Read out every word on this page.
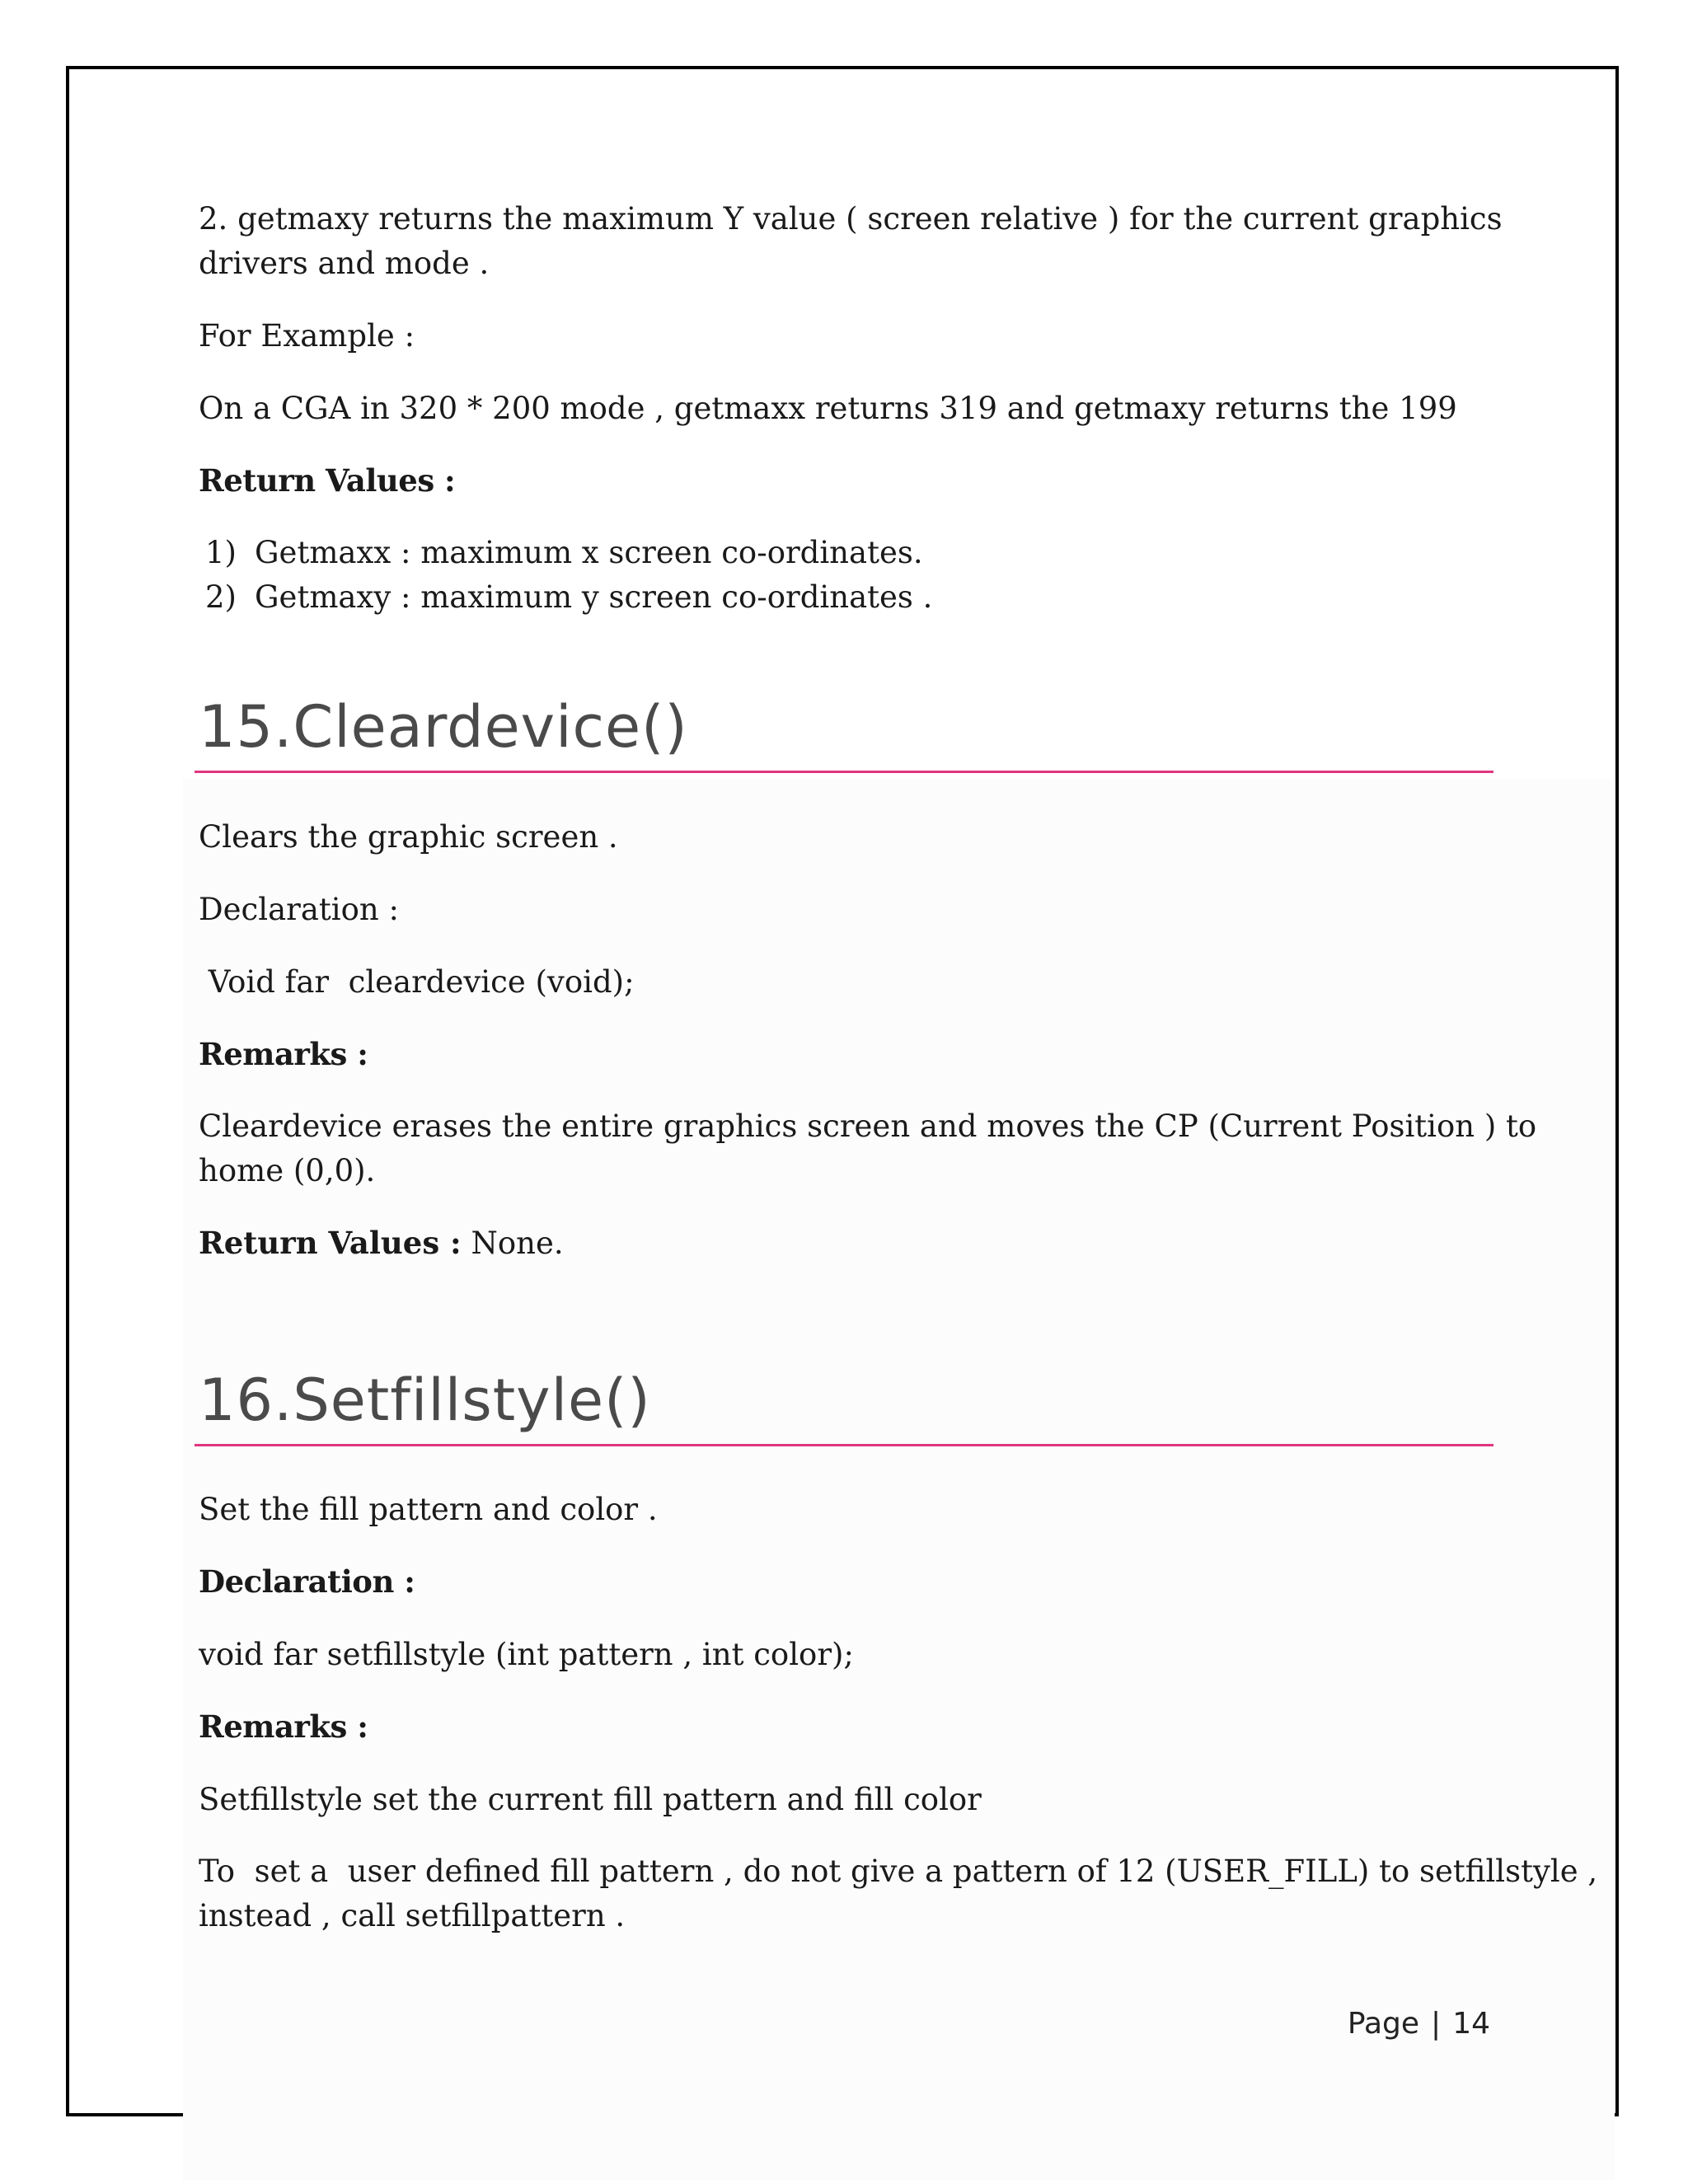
2. getmaxy returns the maximum Y value ( screen relative ) for the current graphics

drivers and mode .

For Example :

On a CGA in 320 * 200 mode , getmaxx returns 319 and getmaxy returns the 199

Return Values :

1) Getmaxx : maximum x screen co-ordinates.
2) Getmaxy : maximum y screen co-ordinates .
15.Cleardevice()

Clears the graphic screen .

Declaration :

Void far  cleardevice (void);

Remarks :

Cleardevice erases the entire graphics screen and moves the CP (Current Position ) to

home (0,0).

Return Values : None.

16.Setfillstyle()

Set the fill pattern and color .

Declaration :

void far setfillstyle (int pattern , int color);

Remarks :

Setfillstyle set the current fill pattern and fill color

To  set a  user defined fill pattern , do not give a pattern of 12 (USER_FILL) to setfillstyle ,

instead , call setfillpattern .

Page | 14
